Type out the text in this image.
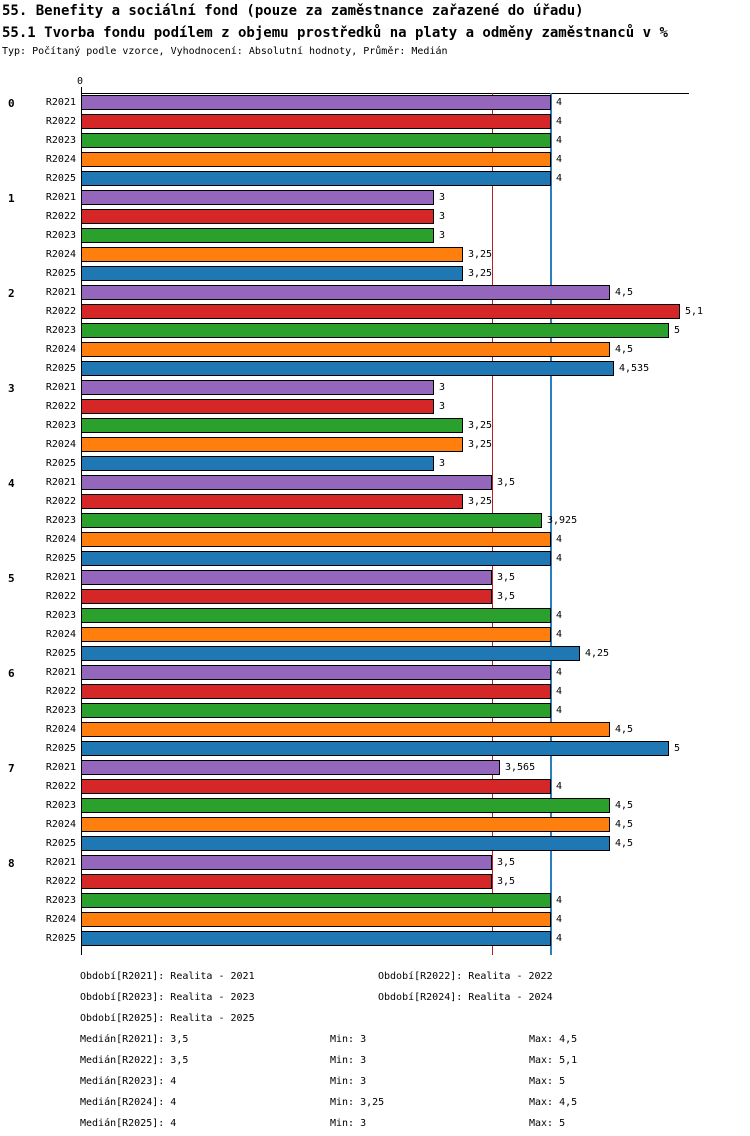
55. Benefity a sociální fond (pouze za zaměstnance zařazené do úřadu)
55.1 Tvorba fondu podílem z objemu prostředků na platy a odměny zaměstnanců v %
Typ: Počítaný podle vzorce, Vyhodnocení: Absolutní hodnoty, Průměr: Medián
0
0	R2021	4
R2022	4
R2023	4
R2024	4
R2025	4
1	R2021	3
R2022	3
R2023	3
R2024	3,25
R2025	3,25
2	R2021	4,5
R2022	5,1
R2023	5
R2024	4,5
R2025	4,535
3	R2021	3
R2022	3
R2023	3,25
R2024	3,25
R2025	3
4	R2021	3,5
R2022	3,25
R2023	3,925
R2024	4
R2025	4
5	R2021	3,5
R2022	3,5
R2023	4
R2024	4
R2025	4,25
6	R2021	4
R2022	4
R2023	4
R2024	4,5
R2025	5
7	R2021	3,565
R2022	4
R2023	4,5
R2024	4,5
R2025	4,5
8	R2021	3,5
R2022	3,5
R2023	4
R2024	4
R2025	4
Období[R2021]: Realita - 2021	Období[R2022]: Realita - 2022
Období[R2023]: Realita - 2023	Období[R2024]: Realita - 2024
Období[R2025]: Realita - 2025
Medián[R2021]: 3,5	Min: 3	Max: 4,5
Medián[R2022]: 3,5	Min: 3	Max: 5,1
Medián[R2023]: 4	Min: 3	Max: 5
Medián[R2024]: 4	Min: 3,25	Max: 4,5
Medián[R2025]: 4	Min: 3	Max: 5
